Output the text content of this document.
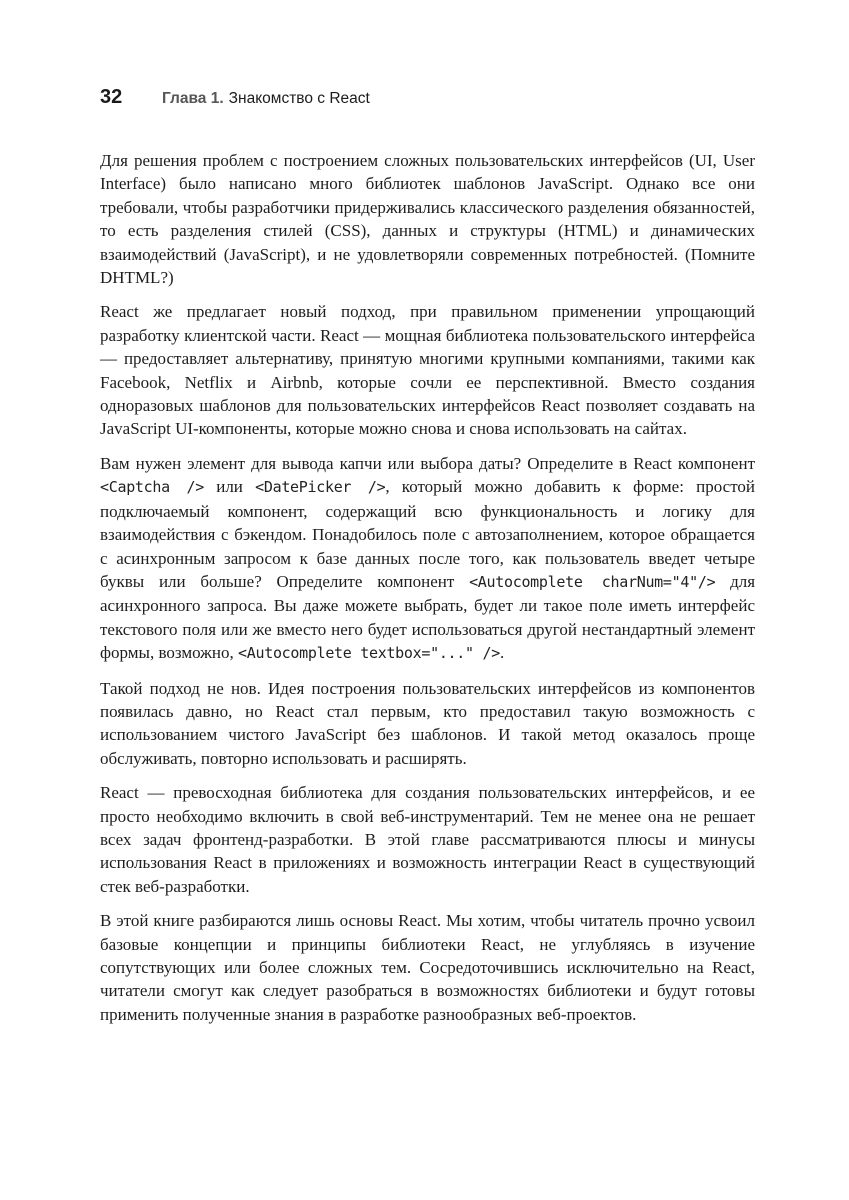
32	Глава 1. Знакомство с React

Для решения проблем с построением сложных пользовательских интерфейсов (UI, User Interface) было написано много библиотек шаблонов JavaScript. Однако все они требовали, чтобы разработчики придерживались классического разделения обязанностей, то есть разделения стилей (CSS), данных и структуры (HTML) и динамических взаимодействий (JavaScript), и не удовлетворяли современных потребностей. (Помните DHTML?)

React же предлагает новый подход, при правильном применении упрощающий разработку клиентской части. React — мощная библиотека пользовательского интерфейса — предоставляет альтернативу, принятую многими крупными компаниями, такими как Facebook, Netflix и Airbnb, которые сочли ее перспективной. Вместо создания одноразовых шаблонов для пользовательских интерфейсов React позволяет создавать на JavaScript UI-компоненты, которые можно снова и снова использовать на сайтах.

Вам нужен элемент для вывода капчи или выбора даты? Определите в React компонент <Captcha /> или <DatePicker />, который можно добавить к форме: простой подключаемый компонент, содержащий всю функциональность и логику для взаимодействия с бэкендом. Понадобилось поле с автозаполнением, которое обращается с асинхронным запросом к базе данных после того, как пользователь введет четыре буквы или больше? Определите компонент <Autocomplete charNum="4"/> для асинхронного запроса. Вы даже можете выбрать, будет ли такое поле иметь интерфейс текстового поля или же вместо него будет использоваться другой нестандартный элемент формы, возможно, <Autocomplete textbox="..." />.

Такой подход не нов. Идея построения пользовательских интерфейсов из компонентов появилась давно, но React стал первым, кто предоставил такую возможность с использованием чистого JavaScript без шаблонов. И такой метод оказалось проще обслуживать, повторно использовать и расширять.

React — превосходная библиотека для создания пользовательских интерфейсов, и ее просто необходимо включить в свой веб-инструментарий. Тем не менее она не решает всех задач фронтенд-разработки. В этой главе рассматриваются плюсы и минусы использования React в приложениях и возможность интеграции React в существующий стек веб-разработки.

В этой книге разбираются лишь основы React. Мы хотим, чтобы читатель прочно усвоил базовые концепции и принципы библиотеки React, не углубляясь в изучение сопутствующих или более сложных тем. Сосредоточившись исключительно на React, читатели смогут как следует разобраться в возможностях библиотеки и будут готовы применить полученные знания в разработке разнообразных веб-проектов.
